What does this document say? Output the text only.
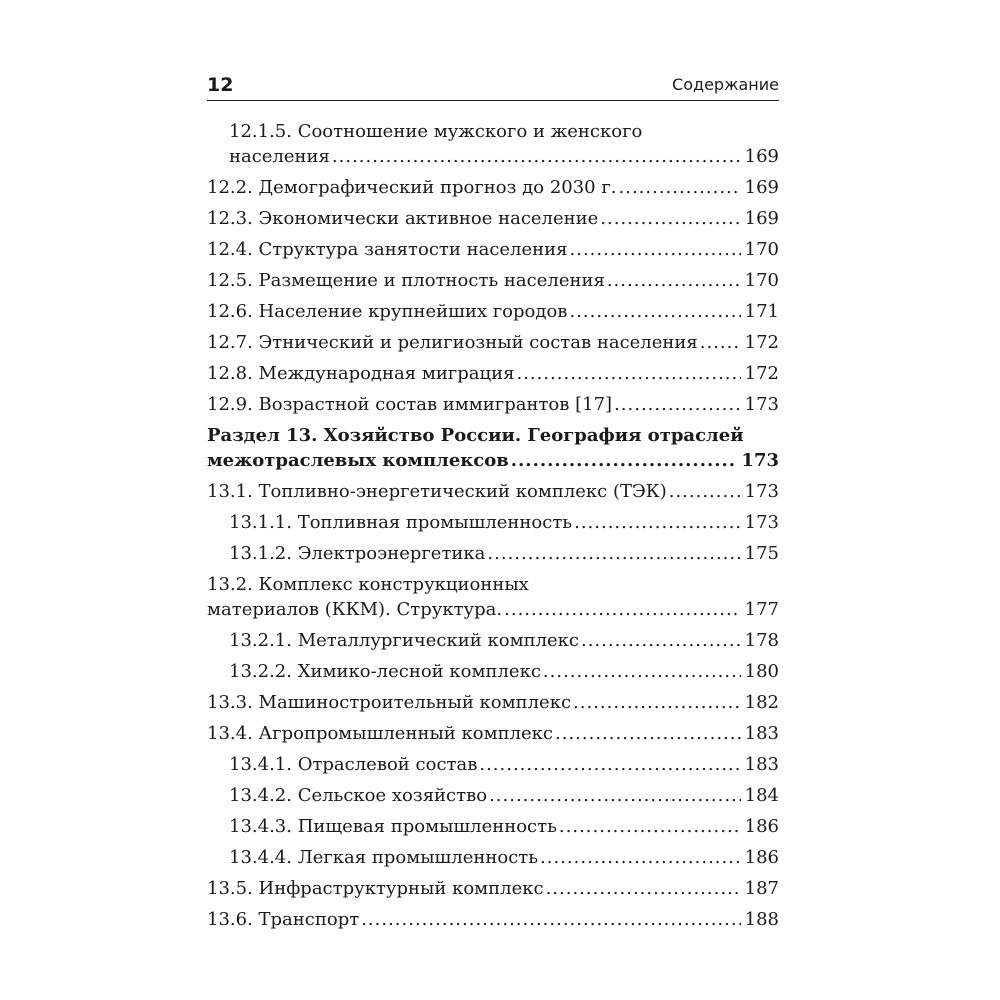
12	Содержание
12.1.5. Соотношение мужского и женского
населения .....	169
12.2. Демографический прогноз до 2030 г. .....	169
12.3. Экономически активное население .....	169
12.4. Структура занятости населения .....	170
12.5. Размещение и плотность населения .....	170
12.6. Население крупнейших городов .....	171
12.7. Этнический и религиозный состав населения .....	172
12.8. Международная миграция .....	172
12.9. Возрастной состав иммигрантов [17] .....	173
Раздел 13. Хозяйство России. География отраслей
межотраслевых комплексов .....	173
13.1. Топливно-энергетический комплекс (ТЭК) .....	173
13.1.1. Топливная промышленность .....	173
13.1.2. Электроэнергетика .....	175
13.2. Комплекс конструкционных
материалов (ККМ). Структура. .....	177
13.2.1. Металлургический комплекс .....	178
13.2.2. Химико-лесной комплекс .....	180
13.3. Машиностроительный комплекс .....	182
13.4. Агропромышленный комплекс .....	183
13.4.1. Отраслевой состав .....	183
13.4.2. Сельское хозяйство .....	184
13.4.3. Пищевая промышленность .....	186
13.4.4. Легкая промышленность .....	186
13.5. Инфраструктурный комплекс .....	187
13.6. Транспорт .....	188
